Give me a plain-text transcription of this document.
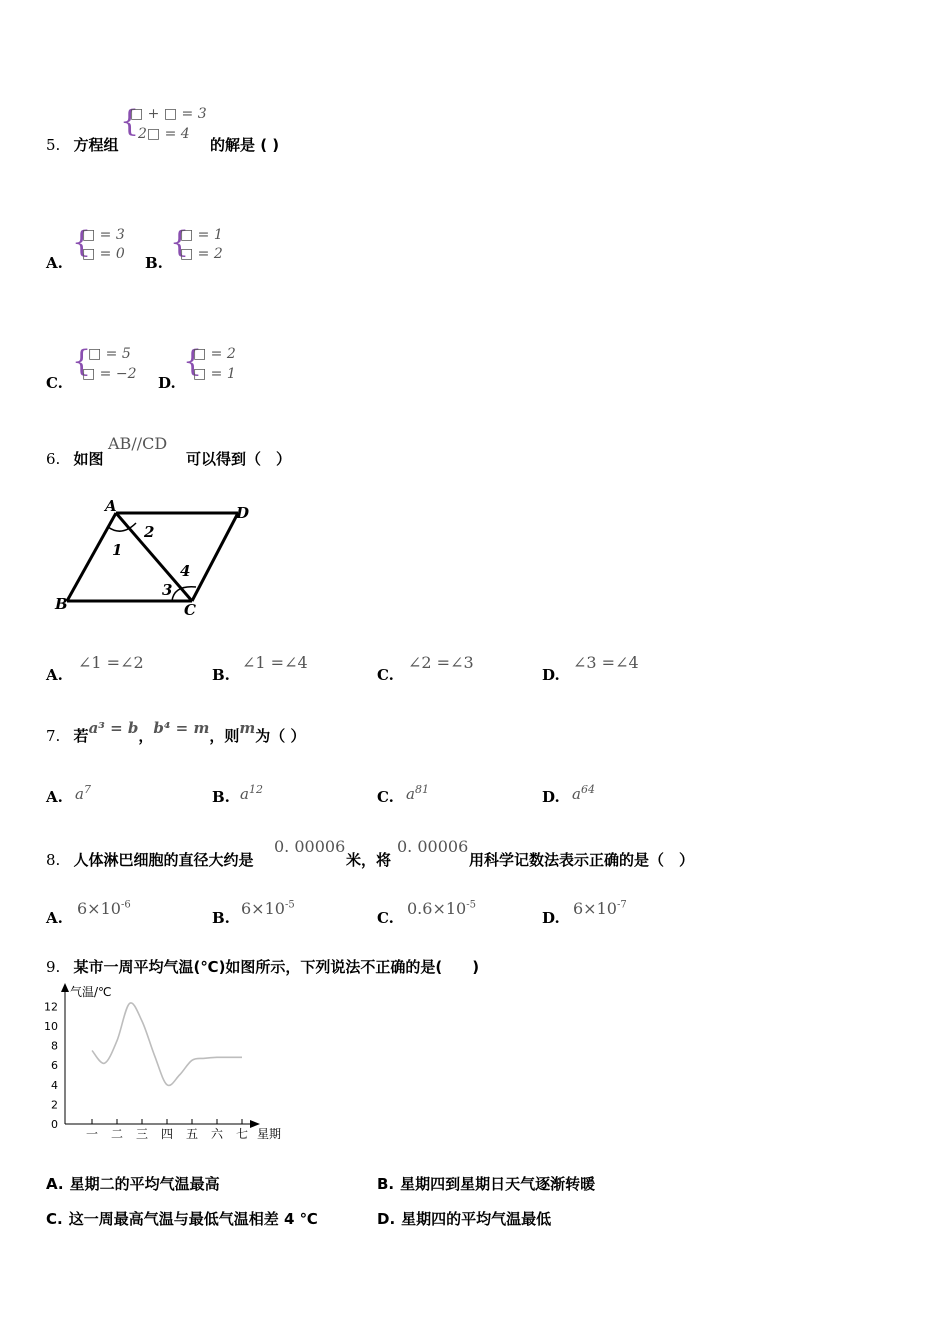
5. 方程组
{
□ + □ = 3
2□ = 4
的解是 ( )
A.
{
□ = 3
□ = 0 B.
{
□ = 1
□ = 2
C.
{
□ = 5
□ = −2 D.
{
□ = 2
□ = 1
6. 如图
AB//CD
可以得到（　）
A	D
B	C
1
2
3
4
A.
∠1 =∠2
B.
∠1 =∠4
C.
∠2 =∠3
D.
∠3 =∠4
7. 若a³ = b，b⁴ = m，则m为（ ）
A. $a^7$	B. $a^{12}$	C. $a^{81}$	D. $a^{64}$
8. 人体淋巴细胞的直径大约是
0. 00006
米，将
0. 00006
用科学记数法表示正确的是（　）
A. $6\times 10^{-6}$
B. $6\times 10^{-5}$
C. $0.6\times 10^{-5}$
D. $6\times 10^{-7}$
9. 某市一周平均气温(℃)如图所示，下列说法不正确的是(　　)
0
2
4
6
8
10
12
一 二 三 四 五 六 七
气温/℃
星期
A. 星期二的平均气温最高	B. 星期四到星期日天气逐渐转暖
C. 这一周最高气温与最低气温相差 4 ℃	D. 星期四的平均气温最低
